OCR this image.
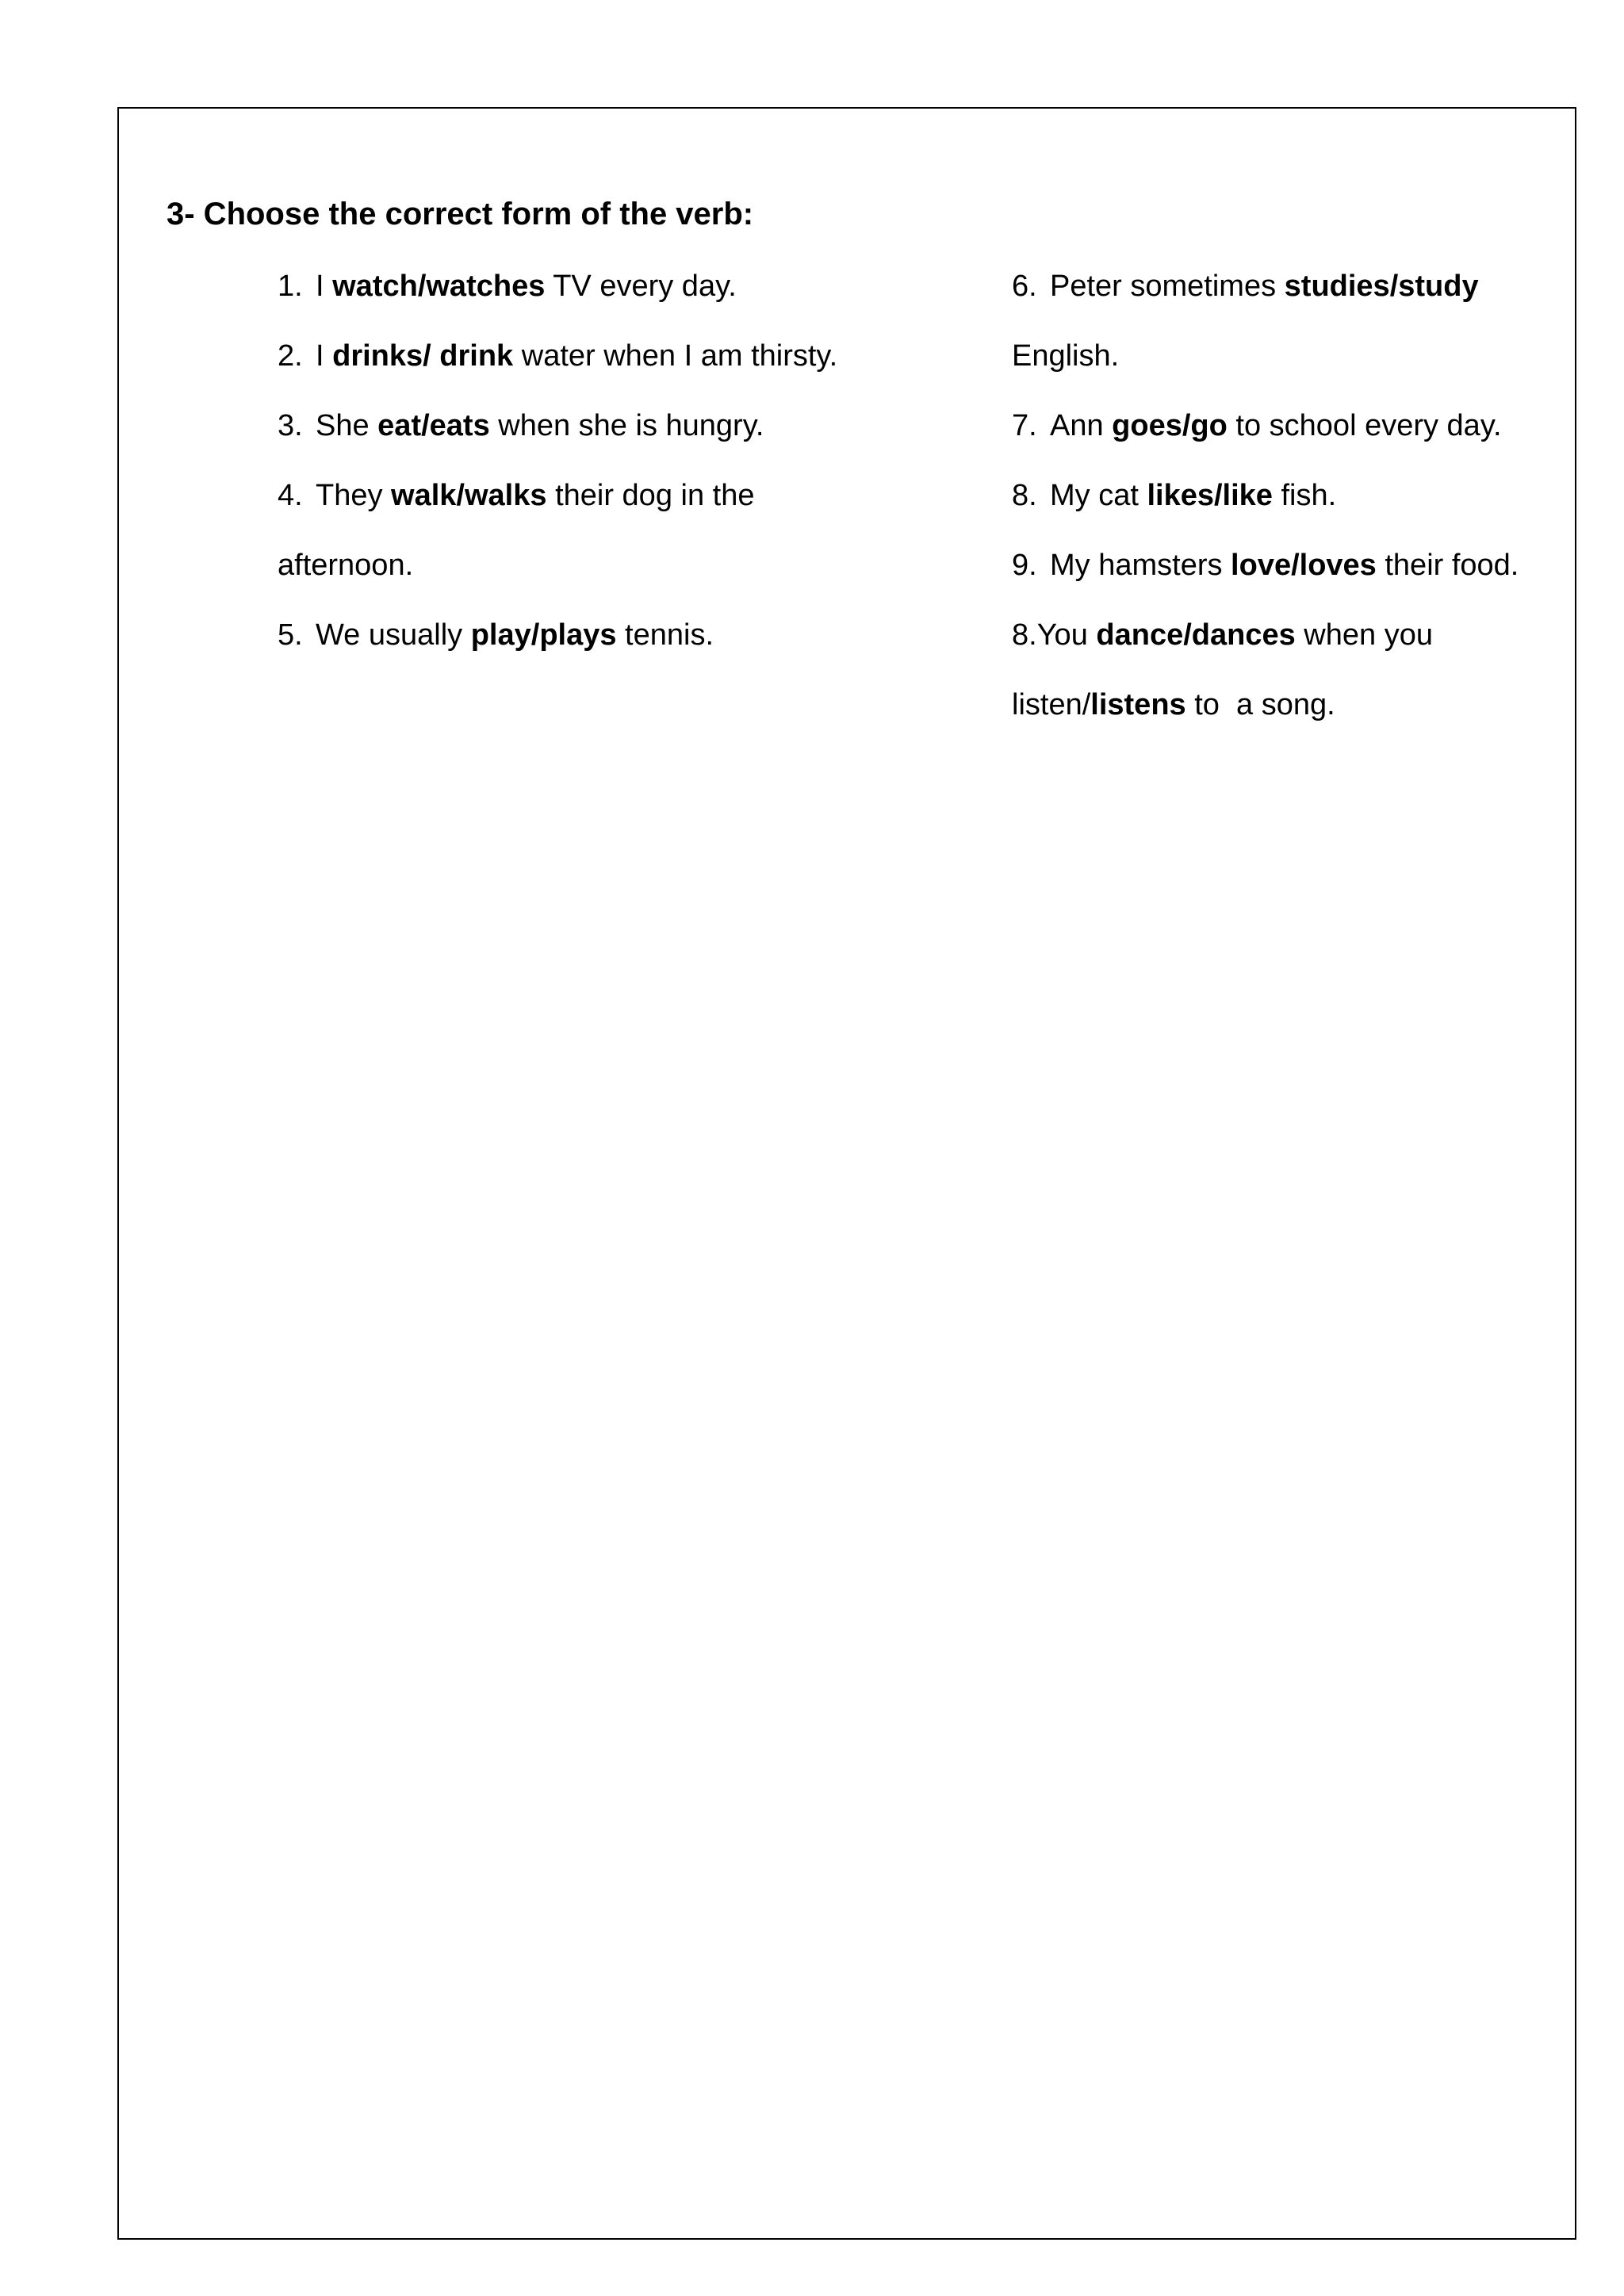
3- Choose the correct form of the verb:

1. I watch/watches TV every day.

2. I drinks/ drink water when I am thirsty.

3. She eat/eats when she is hungry.

4. They walk/walks their dog in the

afternoon.

5. We usually play/plays tennis.

6. Peter sometimes studies/study

English.

7. Ann goes/go to school every day.

8. My cat likes/like fish.

9. My hamsters love/loves their food.

8.You dance/dances when you

listen/listens to  a song.
